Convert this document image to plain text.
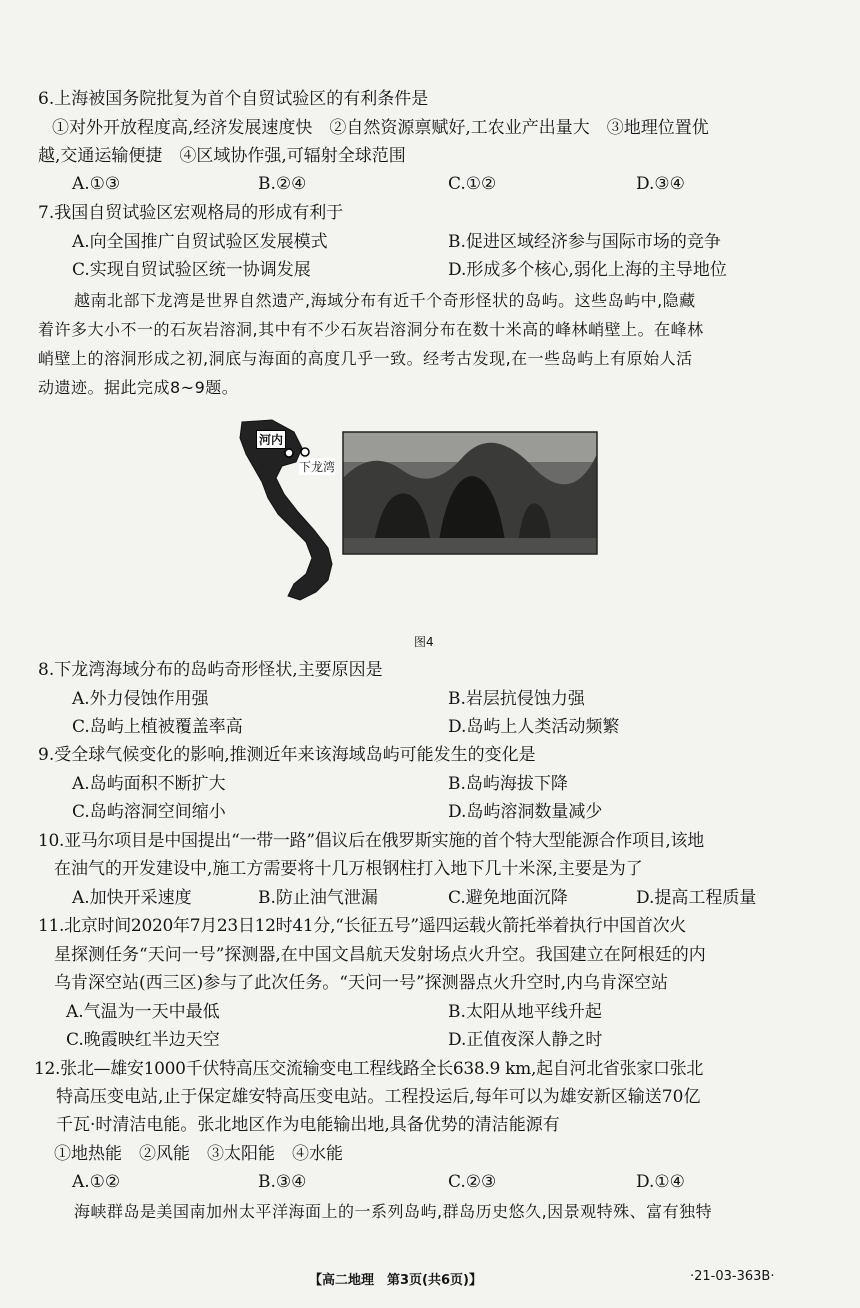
6.上海被国务院批复为首个自贸试验区的有利条件是
①对外开放程度高,经济发展速度快　②自然资源禀赋好,工农业产出量大　③地理位置优
越,交通运输便捷　④区域协作强,可辐射全球范围
A.①③	B.②④	C.①②	D.③④
7.我国自贸试验区宏观格局的形成有利于
A.向全国推广自贸试验区发展模式	B.促进区域经济参与国际市场的竞争
C.实现自贸试验区统一协调发展	D.形成多个核心,弱化上海的主导地位
越南北部下龙湾是世界自然遗产,海域分布有近千个奇形怪状的岛屿。这些岛屿中,隐藏
着许多大小不一的石灰岩溶洞,其中有不少石灰岩溶洞分布在数十米高的峰林峭壁上。在峰林
峭壁上的溶洞形成之初,洞底与海面的高度几乎一致。经考古发现,在一些岛屿上有原始人活
动遗迹。据此完成8~9题。
河内
下龙湾
图4
8.下龙湾海域分布的岛屿奇形怪状,主要原因是
A.外力侵蚀作用强	B.岩层抗侵蚀力强
C.岛屿上植被覆盖率高	D.岛屿上人类活动频繁
9.受全球气候变化的影响,推测近年来该海域岛屿可能发生的变化是
A.岛屿面积不断扩大	B.岛屿海拔下降
C.岛屿溶洞空间缩小	D.岛屿溶洞数量减少
10.亚马尔项目是中国提出“一带一路”倡议后在俄罗斯实施的首个特大型能源合作项目,该地
在油气的开发建设中,施工方需要将十几万根钢柱打入地下几十米深,主要是为了
A.加快开采速度	B.防止油气泄漏	C.避免地面沉降	D.提高工程质量
11.北京时间2020年7月23日12时41分,“长征五号”遥四运载火箭托举着执行中国首次火
星探测任务“天问一号”探测器,在中国文昌航天发射场点火升空。我国建立在阿根廷的内
乌肯深空站(西三区)参与了此次任务。“天问一号”探测器点火升空时,内乌肯深空站
A.气温为一天中最低	B.太阳从地平线升起
C.晚霞映红半边天空	D.正值夜深人静之时
12.张北—雄安1000千伏特高压交流输变电工程线路全长638.9 km,起自河北省张家口张北
特高压变电站,止于保定雄安特高压变电站。工程投运后,每年可以为雄安新区输送70亿
千瓦·时清洁电能。张北地区作为电能输出地,具备优势的清洁能源有
①地热能　②风能　③太阳能　④水能
A.①②	B.③④	C.②③	D.①④
海峡群岛是美国南加州太平洋海面上的一系列岛屿,群岛历史悠久,因景观特殊、富有独特
【高二地理　第3页(共6页)】	·21-03-363B·
